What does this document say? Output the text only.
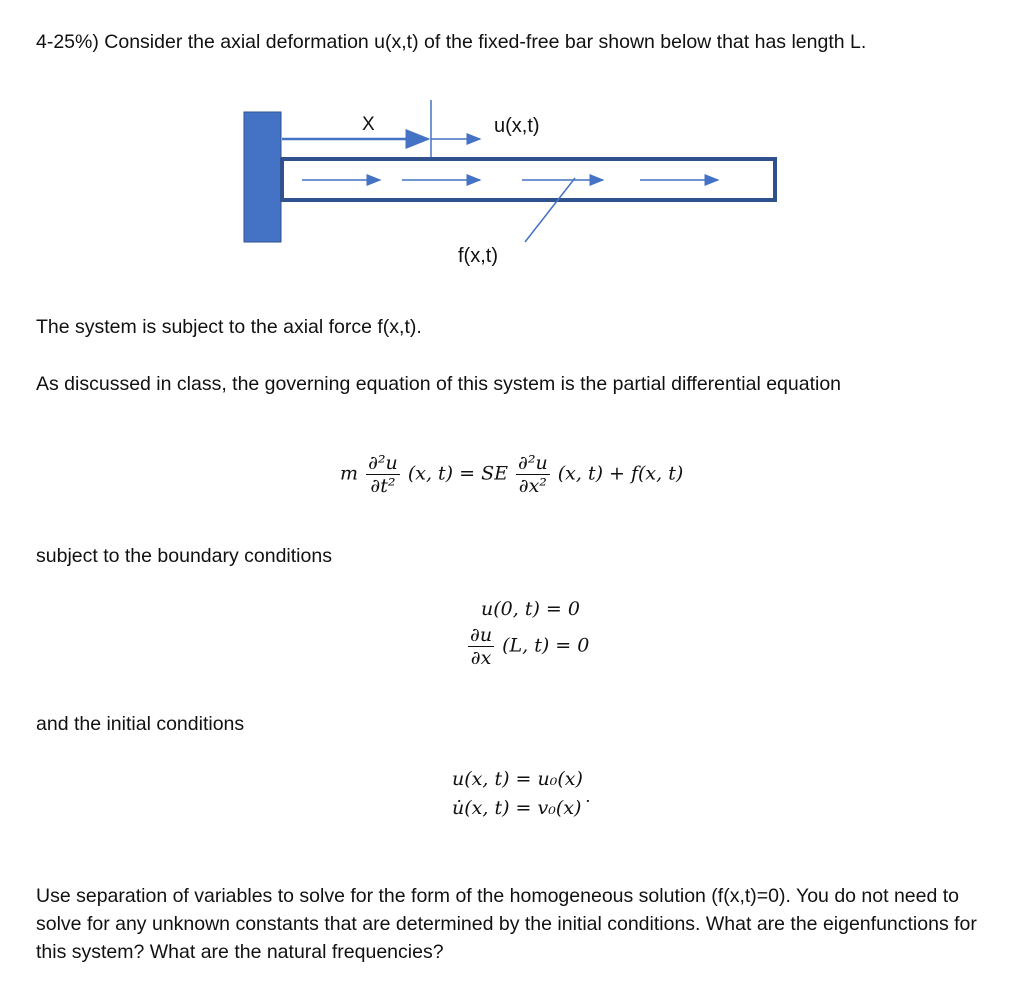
4-25%) Consider the axial deformation u(x,t) of the fixed-free bar shown below that has length L.
X	u(x,t)
f(x,t)
The system is subject to the axial force f(x,t).
As discussed in class, the governing equation of this system is the partial differential equation
m $\frac{\text{∂²u}}{\text{∂t²}} (x$, t) = SE $\frac{\text{∂²u}}{\text{∂x²}} (x$, t) + f(x, t)
subject to the boundary conditions
u(0, t) = 0
$\frac{\partial u}{\partial x} (L$, t) = 0
and the initial conditions
u(x, t) = u₀(x)
u̇(x, t) = v₀(x)˙
Use separation of variables to solve for the form of the homogeneous solution (f(x,t)=0). You do not need to solve for any unknown constants that are determined by the initial conditions. What are the eigenfunctions for this system? What are the natural frequencies?
